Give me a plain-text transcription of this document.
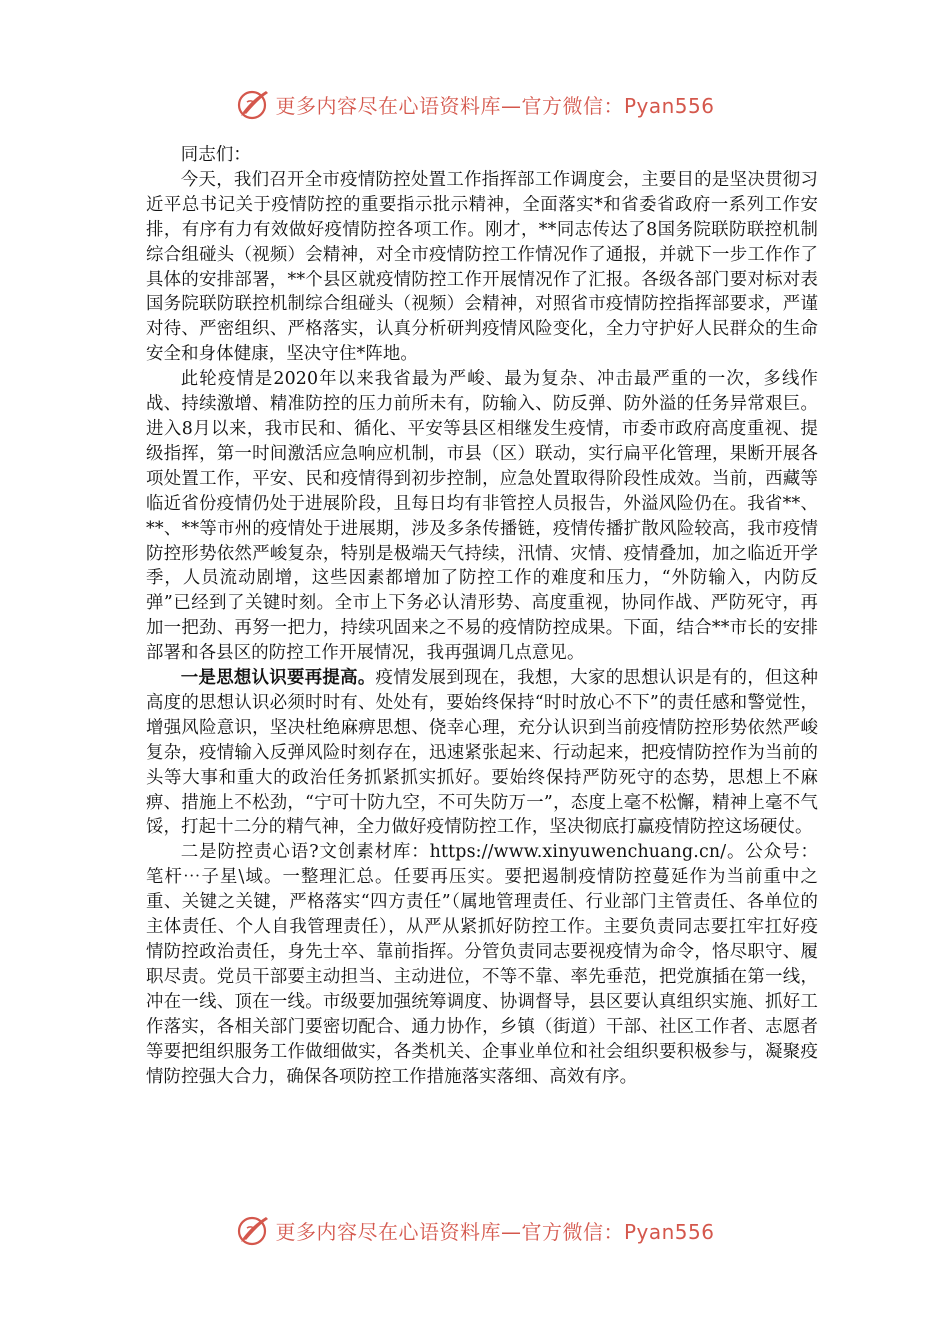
更多内容尽在心语资料库—官方微信：Pyan556

同志们：

今天，我们召开全市疫情防控处置工作指挥部工作调度会，主要目的是坚决贯彻习近平总书记关于疫情防控的重要指示批示精神，全面落实*和省委省政府一系列工作安排，有序有力有效做好疫情防控各项工作。刚才，**同志传达了8国务院联防联控机制综合组碰头（视频）会精神，对全市疫情防控工作情况作了通报，并就下一步工作作了具体的安排部署，**个县区就疫情防控工作开展情况作了汇报。各级各部门要对标对表国务院联防联控机制综合组碰头（视频）会精神，对照省市疫情防控指挥部要求，严谨对待、严密组织、严格落实，认真分析研判疫情风险变化，全力守护好人民群众的生命安全和身体健康，坚决守住*阵地。

此轮疫情是2020年以来我省最为严峻、最为复杂、冲击最严重的一次，多线作战、持续激增、精准防控的压力前所未有，防输入、防反弹、防外溢的任务异常艰巨。进入8月以来，我市民和、循化、平安等县区相继发生疫情，市委市政府高度重视、提级指挥，第一时间激活应急响应机制，市县（区）联动，实行扁平化管理，果断开展各项处置工作，平安、民和疫情得到初步控制，应急处置取得阶段性成效。当前，西藏等临近省份疫情仍处于进展阶段，且每日均有非管控人员报告，外溢风险仍在。我省**、**、**等市州的疫情处于进展期，涉及多条传播链，疫情传播扩散风险较高，我市疫情防控形势依然严峻复杂，特别是极端天气持续，汛情、灾情、疫情叠加，加之临近开学季，人员流动剧增，这些因素都增加了防控工作的难度和压力，“外防输入，内防反弹”已经到了关键时刻。全市上下务必认清形势、高度重视，协同作战、严防死守，再加一把劲、再努一把力，持续巩固来之不易的疫情防控成果。下面，结合**市长的安排部署和各县区的防控工作开展情况，我再强调几点意见。

一是思想认识要再提高。疫情发展到现在，我想，大家的思想认识是有的，但这种高度的思想认识必须时时有、处处有，要始终保持“时时放心不下”的责任感和警觉性，增强风险意识，坚决杜绝麻痹思想、侥幸心理，充分认识到当前疫情防控形势依然严峻复杂，疫情输入反弹风险时刻存在，迅速紧张起来、行动起来，把疫情防控作为当前的头等大事和重大的政治任务抓紧抓实抓好。要始终保持严防死守的态势，思想上不麻痹、措施上不松劲，“宁可十防九空，不可失防万一”，态度上毫不松懈，精神上毫不气馁，打起十二分的精气神，全力做好疫情防控工作，坚决彻底打赢疫情防控这场硬仗。

二是防控责心语?文创素材库：https://www.xinyuwenchuang.cn/。公众号：笔杆⋯子星\域。一整理汇总。任要再压实。要把遏制疫情防控蔓延作为当前重中之重、关键之关键，严格落实“四方责任”（属地管理责任、行业部门主管责任、各单位的主体责任、个人自我管理责任），从严从紧抓好防控工作。主要负责同志要扛牢扛好疫情防控政治责任，身先士卒、靠前指挥。分管负责同志要视疫情为命令，恪尽职守、履职尽责。党员干部要主动担当、主动进位，不等不靠、率先垂范，把党旗插在第一线，冲在一线、顶在一线。市级要加强统筹调度、协调督导，县区要认真组织实施、抓好工作落实，各相关部门要密切配合、通力协作，乡镇（街道）干部、社区工作者、志愿者等要把组织服务工作做细做实，各类机关、企事业单位和社会组织要积极参与，凝聚疫情防控强大合力，确保各项防控工作措施落实落细、高效有序。

更多内容尽在心语资料库—官方微信：Pyan556
